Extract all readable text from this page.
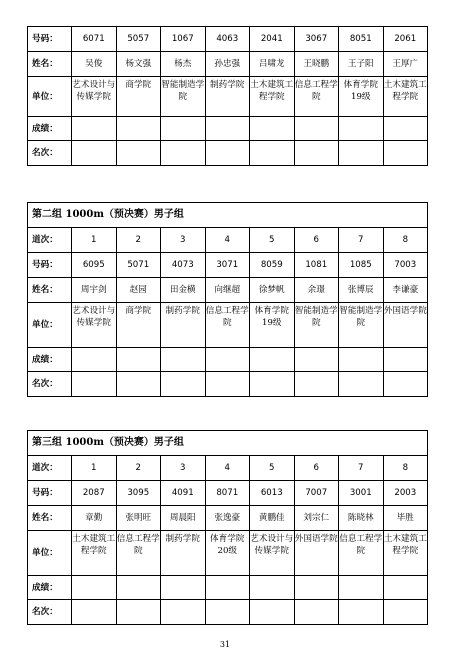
号码：	6071	5057	1067	4063	2041	3067	8051	2061
姓名：	吴俊	杨文强	杨杰	孙忠强	吕啸龙	王晓鹏	王子阳	王厚广
单位：	艺术设计与传媒学院	商学院	智能制造学院	制药学院	土木建筑工程学院	信息工程学院	体育学院19级	土木建筑工程学院
成绩：								
名次：								
第二组 1000m（预决赛）男子组								
道次：	1	2	3	4	5	6	7	8
号码：	6095	5071	4073	3071	8059	1081	1085	7003
姓名：	周宇剑	赵园	田金横	向继超	徐梦帆	余璟	张博辰	李谦豪
单位：	艺术设计与传媒学院	商学院	制药学院	信息工程学院	体育学院19级	智能制造学院	智能制造学院	外国语学院
成绩：								
名次：								
第三组 1000m（预决赛）男子组								
道次：	1	2	3	4	5	6	7	8
号码：	2087	3095	4091	8071	6013	7007	3001	2003
姓名：	章勤	张明旺	周晨阳	张逸豪	黄鹏佳	刘宗仁	陈晓林	毕胜
单位：	土木建筑工程学院	信息工程学院	制药学院	体育学院20级	艺术设计与传媒学院	外国语学院	信息工程学院	土木建筑工程学院
成绩：								
名次：								
31
